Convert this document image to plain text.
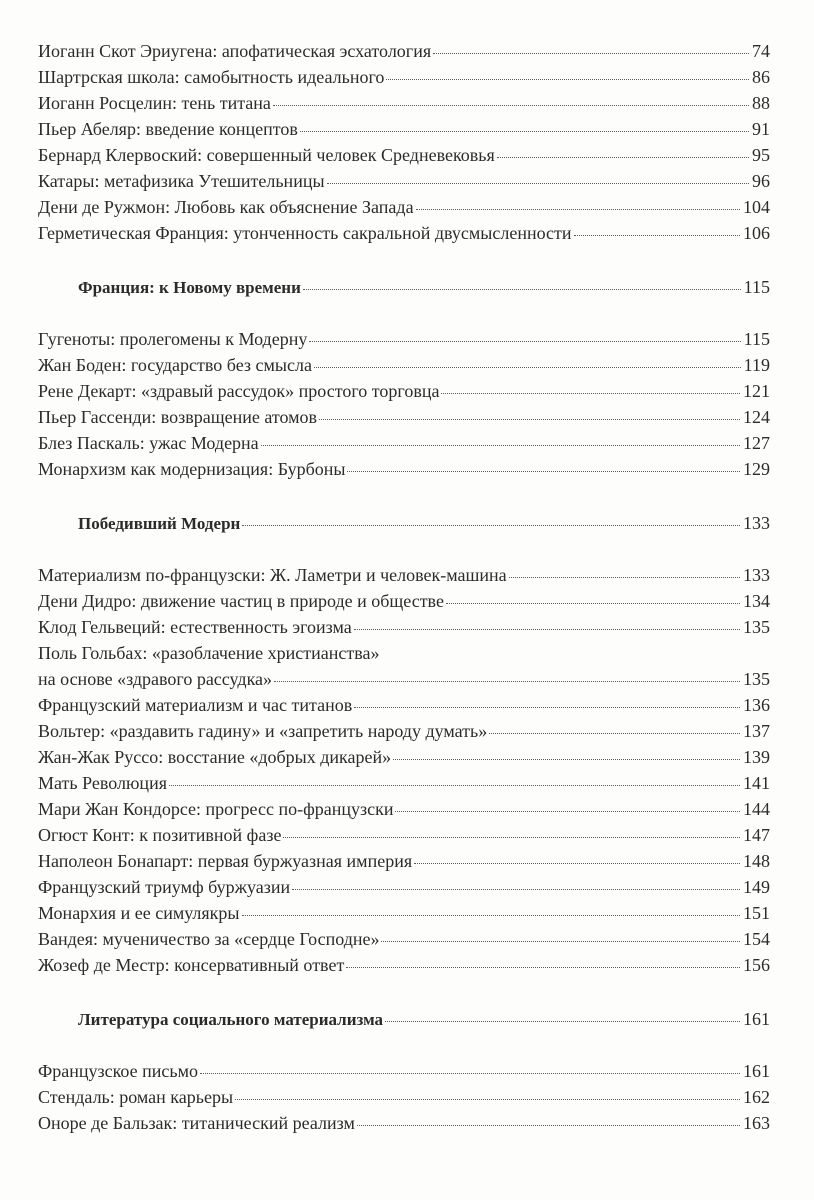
Иоганн Скот Эриугена: апофатическая эсхатология	74
Шартрская школа: самобытность идеального	86
Иоганн Росцелин: тень титана	88
Пьер Абеляр: введение концептов	91
Бернард Клервоский: совершенный человек Средневековья	95
Катары: метафизика Утешительницы	96
Дени де Ружмон: Любовь как объяснение Запада	104
Герметическая Франция: утонченность сакральной двусмысленности	106
Франция: к Новому времени	115
Гугеноты: пролегомены к Модерну	115
Жан Боден: государство без смысла	119
Рене Декарт: «здравый рассудок» простого торговца	121
Пьер Гассенди: возвращение атомов	124
Блез Паскаль: ужас Модерна	127
Монархизм как модернизация: Бурбоны	129
Победивший Модерн	133
Материализм по-французски: Ж. Ламетри и человек-машина	133
Дени Дидро: движение частиц в природе и обществе	134
Клод Гельвеций: естественность эгоизма	135
Поль Гольбах: «разоблачение христианства»
на основе «здравого рассудка»	135
Французский материализм и час титанов	136
Вольтер: «раздавить гадину» и «запретить народу думать»	137
Жан-Жак Руссо: восстание «добрых дикарей»	139
Мать Революция	141
Мари Жан Кондорсе: прогресс по-французски	144
Огюст Конт: к позитивной фазе	147
Наполеон Бонапарт: первая буржуазная империя	148
Французский триумф буржуазии	149
Монархия и ее симулякры	151
Вандея: мученичество за «сердце Господне»	154
Жозеф де Местр: консервативный ответ	156
Литература социального материализма	161
Французское письмо	161
Стендаль: роман карьеры	162
Оноре де Бальзак: титанический реализм	163
